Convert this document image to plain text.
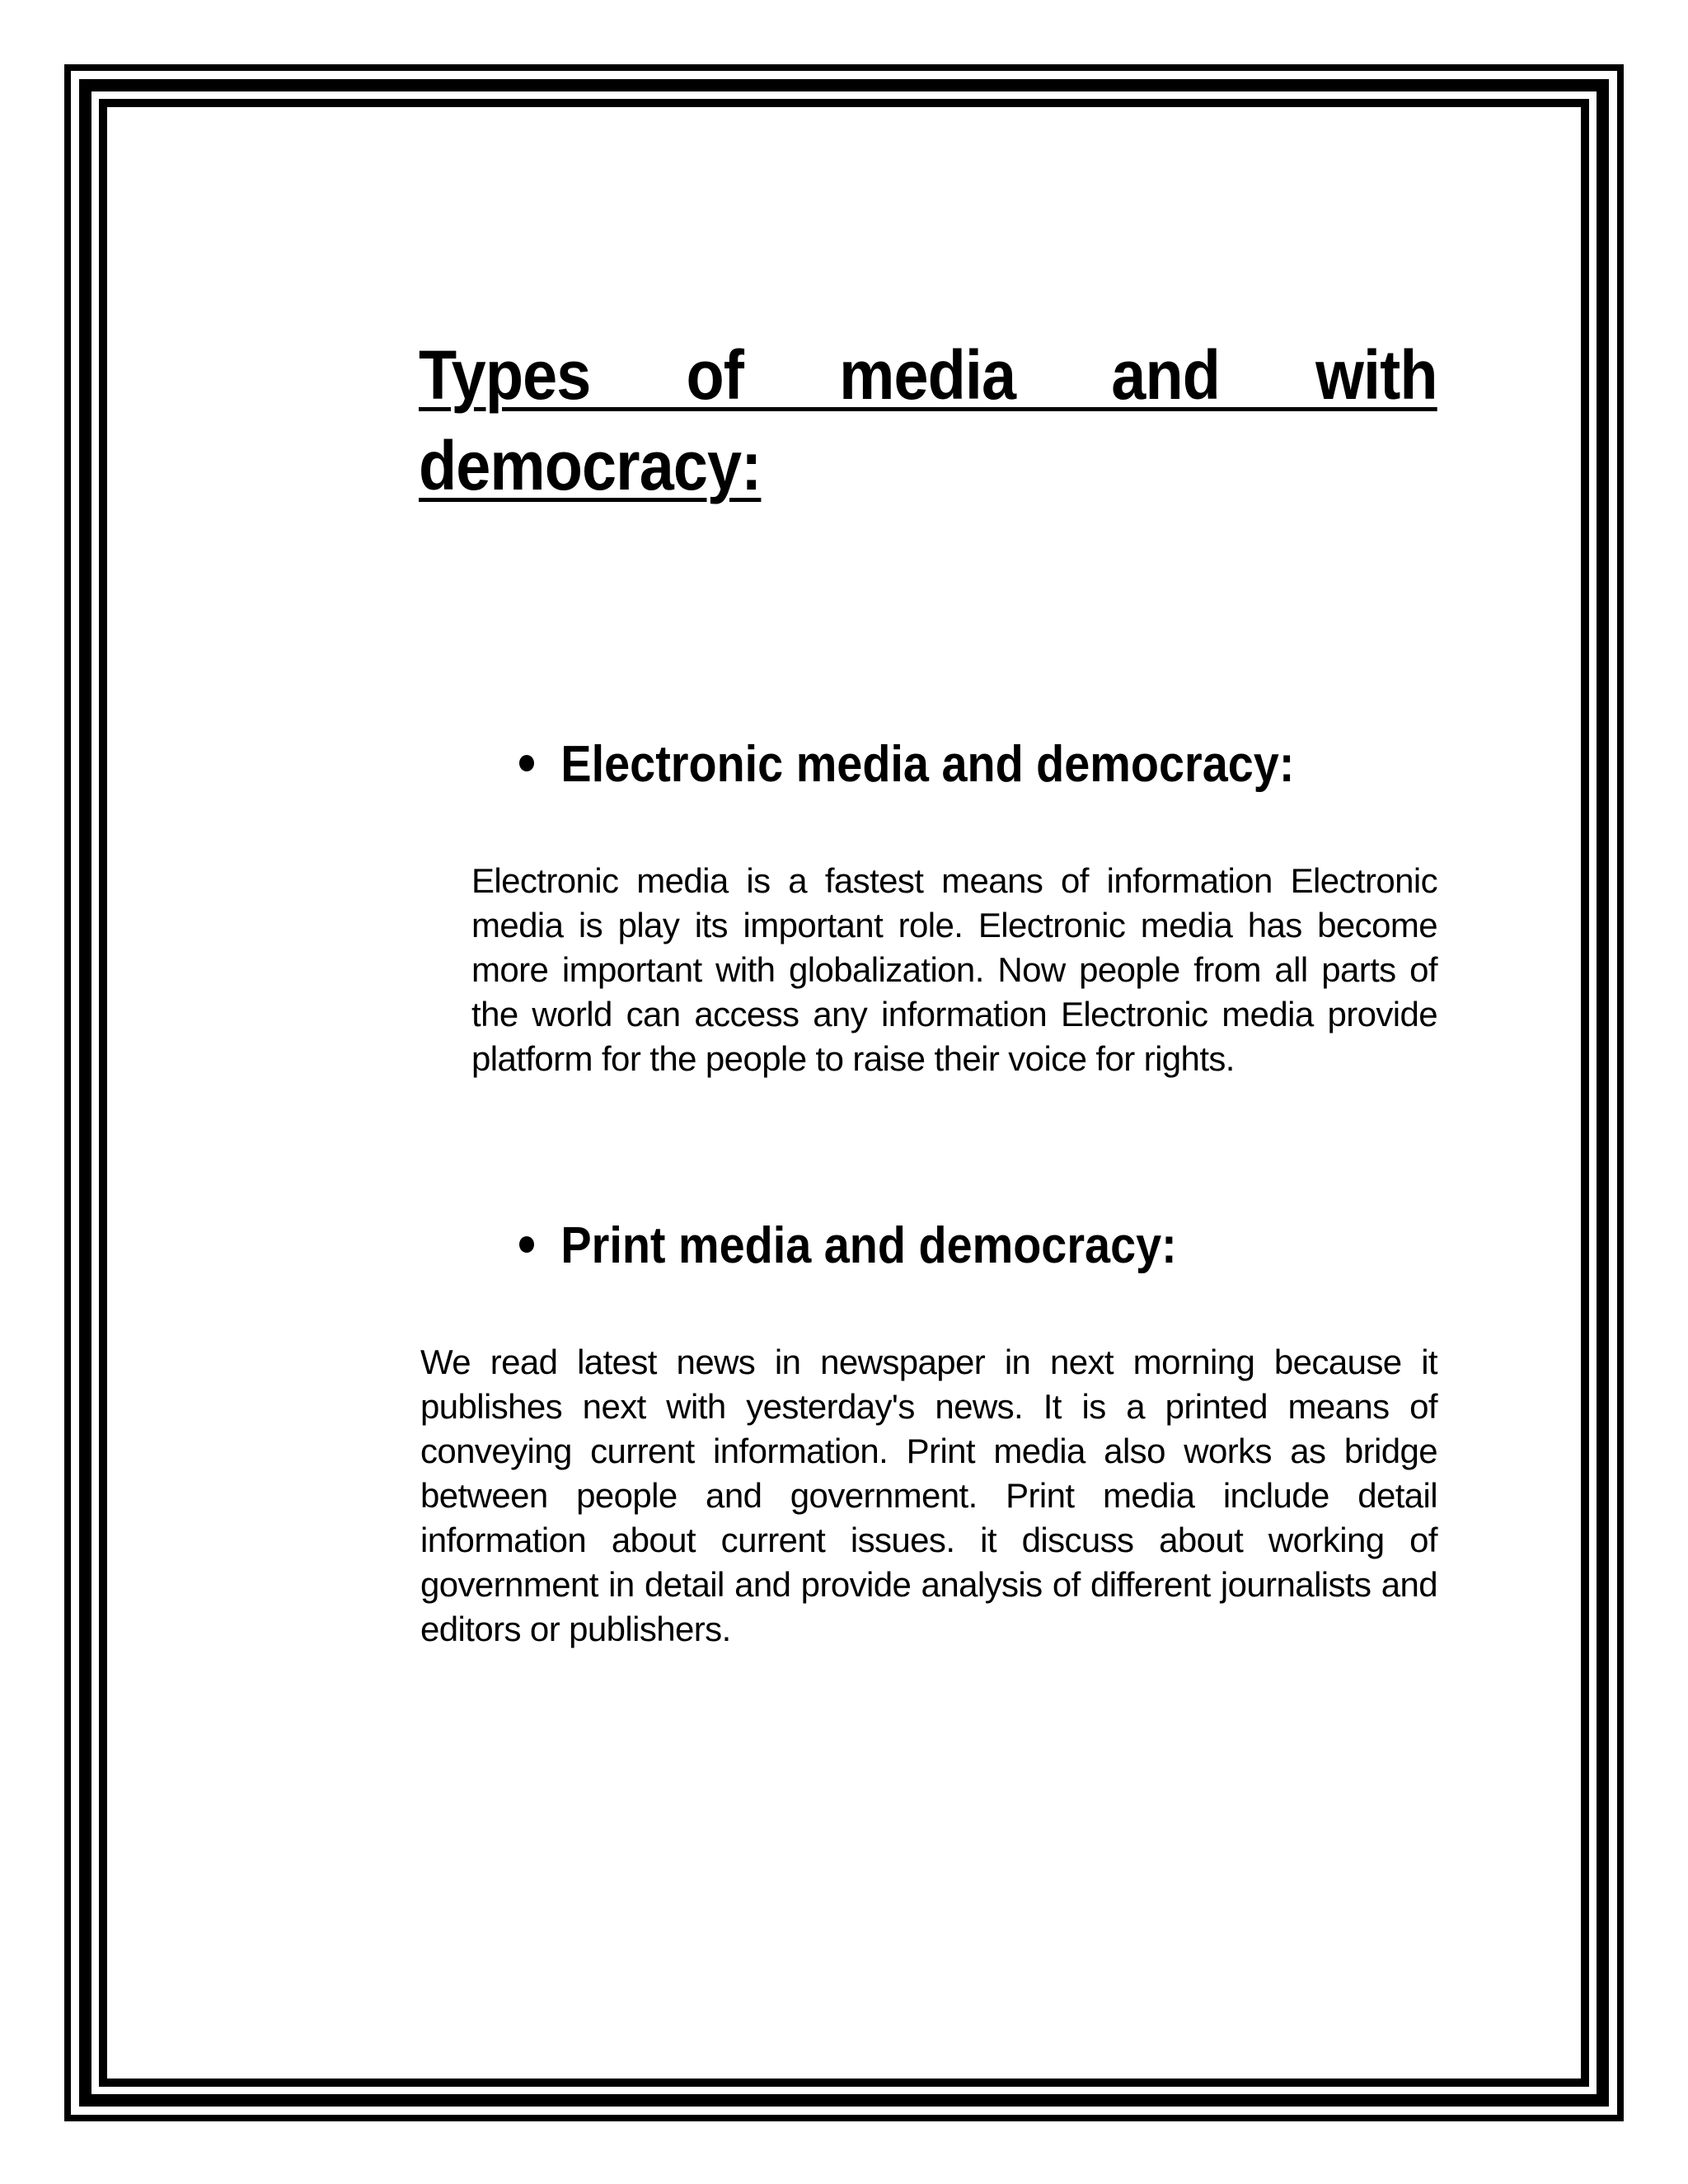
Types of media and with democracy:
Electronic media and democracy:

Electronic media is a fastest means of information Electronic media is play its important role. Electronic media has become more important with globalization. Now people from all parts of the world can access any information Electronic media provide platform for the people to raise their voice for rights.

Print media and democracy:

We read latest news in newspaper in next morning because it publishes next with yesterday's news. It is a printed means of conveying current information. Print media also works as bridge between people and government. Print media include detail information about current issues. it discuss about working of government in detail and provide analysis of different journalists and editors or publishers.
